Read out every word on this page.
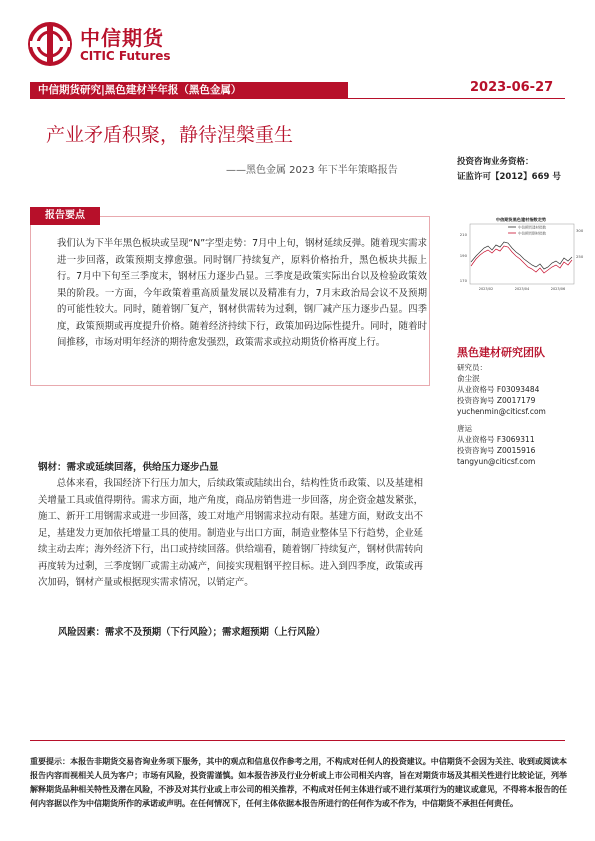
中信期货
CITIC Futures
中信期货研究|黑色建材半年报（黑色金属）	2023-06-27
产业矛盾积聚，静待涅槃重生
——黑色金属 2023 年下半年策略报告
投资咨询业务资格：
证监许可【2012】669 号
中信期货黑色建材指数走势
中信期货建材指数
中信期货钢材指数
210
190
170
300
250
2023/02	2023/04	2023/06
黑色建材研究团队
研究员：
俞尘泯
从业资格号 F03093484
投资咨询号 Z0017179
yuchenmin@citicsf.com
唐运
从业资格号 F3069311
投资咨询号 Z0015916
tangyun@citicsf.com
报告要点
我们认为下半年黑色板块或呈现“N”字型走势：7月中上旬，钢材延续反弹。随着现实需求进一步回落，政策预期支撑愈强。同时钢厂持续复产，原料价格抬升，黑色板块共振上行。7月中下旬至三季度末，钢材压力逐步凸显。三季度是政策实际出台以及检验政策效果的阶段。一方面，今年政策着重高质量发展以及精准有力，7月末政治局会议不及预期的可能性较大。同时，随着钢厂复产，钢材供需转为过剩，钢厂减产压力逐步凸显。四季度，政策预期或再度提升价格。随着经济持续下行，政策加码边际性提升。同时，随着时间推移，市场对明年经济的期待愈发强烈，政策需求或拉动期货价格再度上行。
钢材：需求或延续回落，供给压力逐步凸显
总体来看，我国经济下行压力加大，后续政策或陆续出台，结构性货币政策、以及基建相关增量工具或值得期待。需求方面，地产角度，商品房销售进一步回落，房企资金越发紧张，施工、新开工用钢需求或进一步回落，竣工对地产用钢需求拉动有限。基建方面，财政支出不足，基建发力更加依托增量工具的使用。制造业与出口方面，制造业整体呈下行趋势，企业延续主动去库；海外经济下行，出口或持续回落。供给端看，随着钢厂持续复产，钢材供需转向再度转为过剩，三季度钢厂或需主动减产，间接实现粗钢平控目标。进入到四季度，政策或再次加码，钢材产量或根据现实需求情况，以销定产。
风险因素：需求不及预期（下行风险）；需求超预期（上行风险）
重要提示：本报告非期货交易咨询业务项下服务，其中的观点和信息仅作参考之用，不构成对任何人的投资建议。中信期货不会因为关注、收到或阅读本报告内容而视相关人员为客户；市场有风险，投资需谨慎。如本报告涉及行业分析或上市公司相关内容，旨在对期货市场及其相关性进行比较论证，列举解释期货品种相关特性及潜在风险，不涉及对其行业或上市公司的相关推荐，不构成对任何主体进行或不进行某项行为的建议或意见，不得将本报告的任何内容据以作为中信期货所作的承诺或声明。在任何情况下，任何主体依据本报告所进行的任何作为或不作为，中信期货不承担任何责任。
